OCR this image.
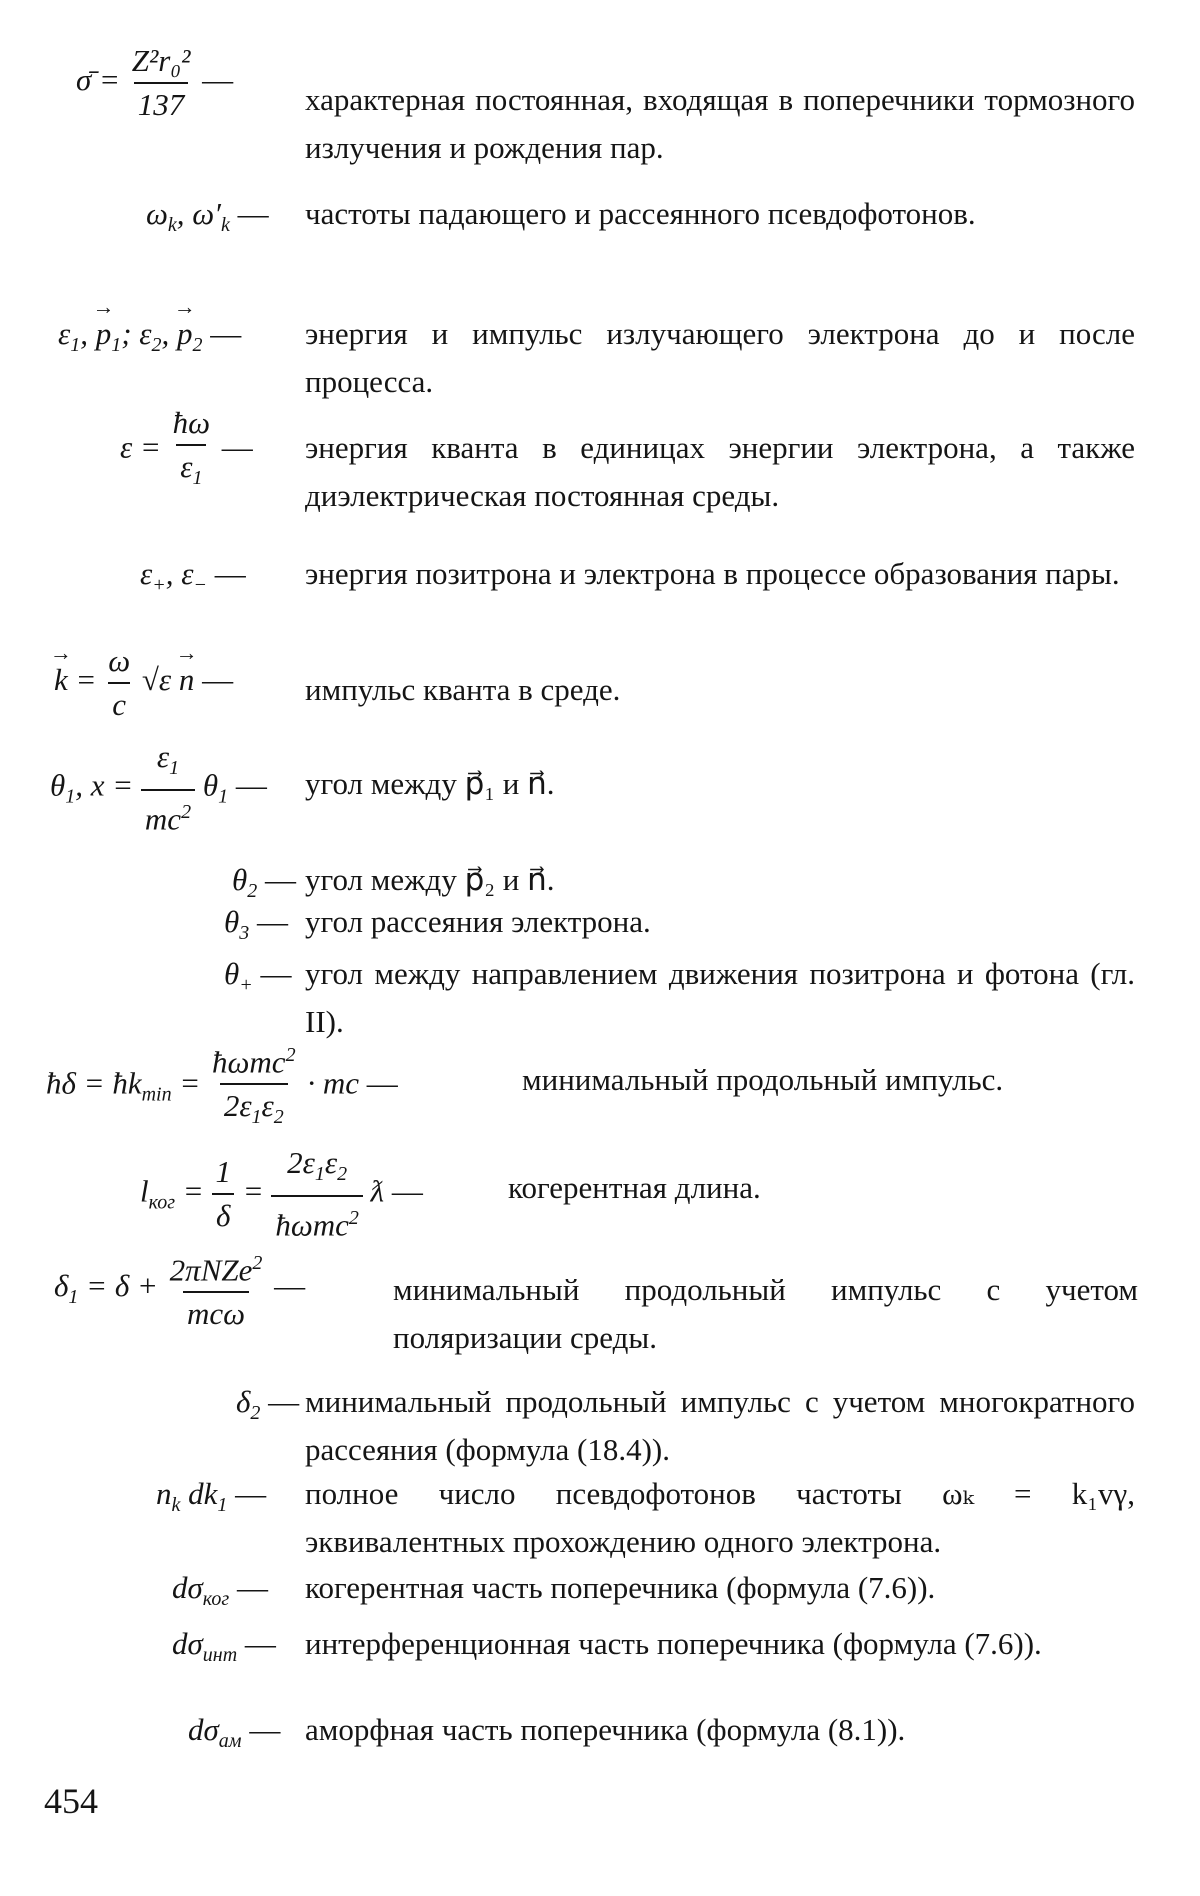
σ̄ = $\frac{\text{Z²r₀²}}{137}$ —
характерная постоянная, входящая в поперечники тормозного излучения и рождения пар.
$\omega_k$, $\omega'_k$ — частоты падающего и рассеянного псевдофотонов.
$\varepsilon_1$, → $p_1$; $\varepsilon_2$, → $p_2$ — энергия и импульс излучающего электрона до и после процесса.
$\varepsilon = \frac{ħ\omega}{\varepsilon_1}$ — энергия кванта в единицах энергии электрона, а также диэлектрическая постоянная среды.
$\varepsilon_+$, $\varepsilon_-$ — энергия позитрона и электрона в процессе образования пары.
→ $k = \frac{\omega}{c} √\varepsilon \to n$ — импульс кванта в среде.
$\theta_1$, $x = \frac{\varepsilon_1}{mc^2} \theta_1$ — угол между p⃗₁ и n⃗.
$\theta_2$ — угол между p⃗₂ и n⃗.
$\theta_3$ — угол рассеяния электрона.
$\theta_+$ — угол между направлением движения позитрона и фотона (гл. II).
ħδ = $ħk_{min} = \frac{ħ\omega mc^2}{2\varepsilon_1\varepsilon_2}$ · mc —	минимальный продольный импульс.
$l_{ког} = \frac{1}{\delta} = \frac{2\varepsilon_1\varepsilon_2}{ħ\omega mc^2}$ ƛ —	когерентная длина.
$\delta_1 = \delta + \frac{2\pi NZe^2}{\text{mcω}}$ —	минимальный продольный импульс с учетом поляризации среды.
$\delta_2$ — минимальный продольный импульс с учетом многократного рассеяния (формула (18.4)).
$n_k$ $dk_1$ — полное число псевдофотонов частоты ωₖ = k₁vγ, эквивалентных прохождению одного электрона.
$d\sigma_{ког}$ — когерентная часть поперечника (формула (7.6)).
$d\sigma_{инт}$ — интерференционная часть поперечника (формула (7.6)).
$d\sigma_{ам}$ — аморфная часть поперечника (формула (8.1)).
454
